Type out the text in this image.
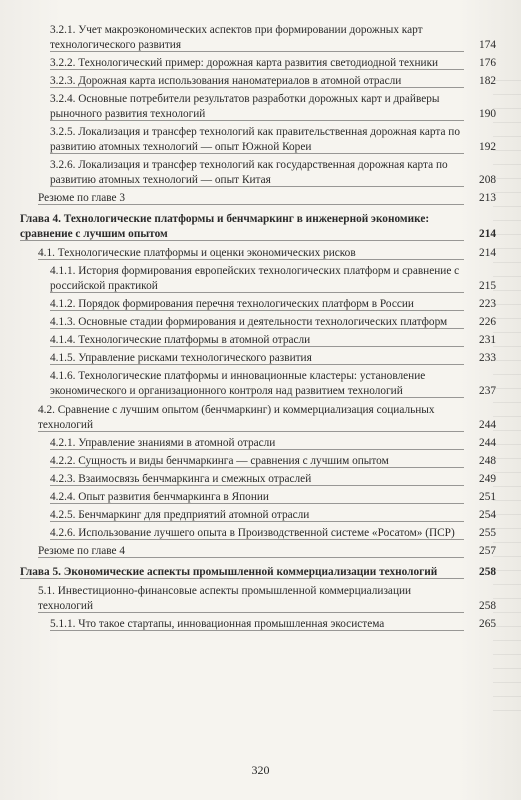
3.2.1. Учет макроэкономических аспектов при формировании дорожных карт технологического развития	174
3.2.2. Технологический пример: дорожная карта развития светодиодной техники	176
3.2.3. Дорожная карта использования наноматериалов в атомной отрасли	182
3.2.4. Основные потребители результатов разработки дорожных карт и драйверы рыночного развития технологий	190
3.2.5. Локализация и трансфер технологий как правительственная дорожная карта по развитию атомных технологий — опыт Южной Кореи	192
3.2.6. Локализация и трансфер технологий как государственная дорожная карта по развитию атомных технологий — опыт Китая	208
Резюме по главе 3	213
Глава 4. Технологические платформы и бенчмаркинг в инженерной экономике: сравнение с лучшим опытом	214
4.1. Технологические платформы и оценки экономических рисков	214
4.1.1. История формирования европейских технологических платформ и сравнение с российской практикой	215
4.1.2. Порядок формирования перечня технологических платформ в России	223
4.1.3. Основные стадии формирования и деятельности технологических платформ	226
4.1.4. Технологические платформы в атомной отрасли	231
4.1.5. Управление рисками технологического развития	233
4.1.6. Технологические платформы и инновационные кластеры: установление экономического и организационного контроля над развитием технологий	237
4.2. Сравнение с лучшим опытом (бенчмаркинг) и коммерциализация социальных технологий	244
4.2.1. Управление знаниями в атомной отрасли	244
4.2.2. Сущность и виды бенчмаркинга — сравнения с лучшим опытом	248
4.2.3. Взаимосвязь бенчмаркинга и смежных отраслей	249
4.2.4. Опыт развития бенчмаркинга в Японии	251
4.2.5. Бенчмаркинг для предприятий атомной отрасли	254
4.2.6. Использование лучшего опыта в Производственной системе «Росатом» (ПСР)	255
Резюме по главе 4	257
Глава 5. Экономические аспекты промышленной коммерциализации технологий	258
5.1. Инвестиционно-финансовые аспекты промышленной коммерциализации технологий	258
5.1.1. Что такое стартапы, инновационная промышленная экосистема	265
320
